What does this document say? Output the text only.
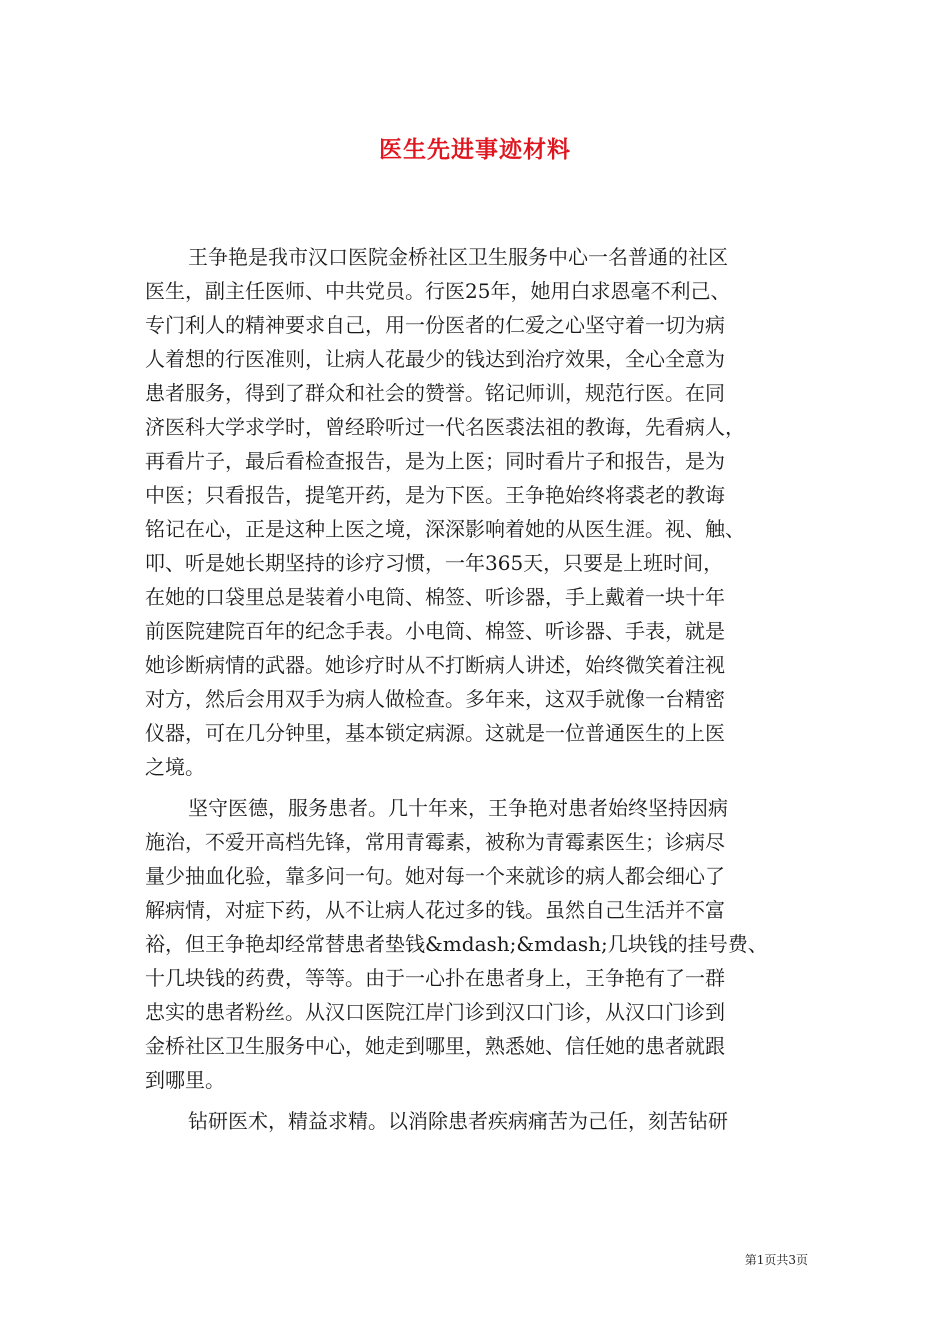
医生先进事迹材料
王争艳是我市汉口医院金桥社区卫生服务中心一名普通的社区
医生，副主任医师、中共党员。行医25年，她用白求恩毫不利己、
专门利人的精神要求自己，用一份医者的仁爱之心坚守着一切为病
人着想的行医准则，让病人花最少的钱达到治疗效果，全心全意为
患者服务，得到了群众和社会的赞誉。铭记师训，规范行医。在同
济医科大学求学时，曾经聆听过一代名医裘法祖的教诲，先看病人，
再看片子，最后看检查报告，是为上医；同时看片子和报告，是为
中医；只看报告，提笔开药，是为下医。王争艳始终将裘老的教诲
铭记在心，正是这种上医之境，深深影响着她的从医生涯。视、触、
叩、听是她长期坚持的诊疗习惯，一年365天，只要是上班时间，
在她的口袋里总是装着小电筒、棉签、听诊器，手上戴着一块十年
前医院建院百年的纪念手表。小电筒、棉签、听诊器、手表，就是
她诊断病情的武器。她诊疗时从不打断病人讲述，始终微笑着注视
对方，然后会用双手为病人做检查。多年来，这双手就像一台精密
仪器，可在几分钟里，基本锁定病源。这就是一位普通医生的上医
之境。
坚守医德，服务患者。几十年来，王争艳对患者始终坚持因病
施治，不爱开高档先锋，常用青霉素，被称为青霉素医生；诊病尽
量少抽血化验，靠多问一句。她对每一个来就诊的病人都会细心了
解病情，对症下药，从不让病人花过多的钱。虽然自己生活并不富
裕，但王争艳却经常替患者垫钱&mdash;&mdash;几块钱的挂号费、
十几块钱的药费，等等。由于一心扑在患者身上，王争艳有了一群
忠实的患者粉丝。从汉口医院江岸门诊到汉口门诊，从汉口门诊到
金桥社区卫生服务中心，她走到哪里，熟悉她、信任她的患者就跟
到哪里。
钻研医术，精益求精。以消除患者疾病痛苦为己任，刻苦钻研
第1页共3页
